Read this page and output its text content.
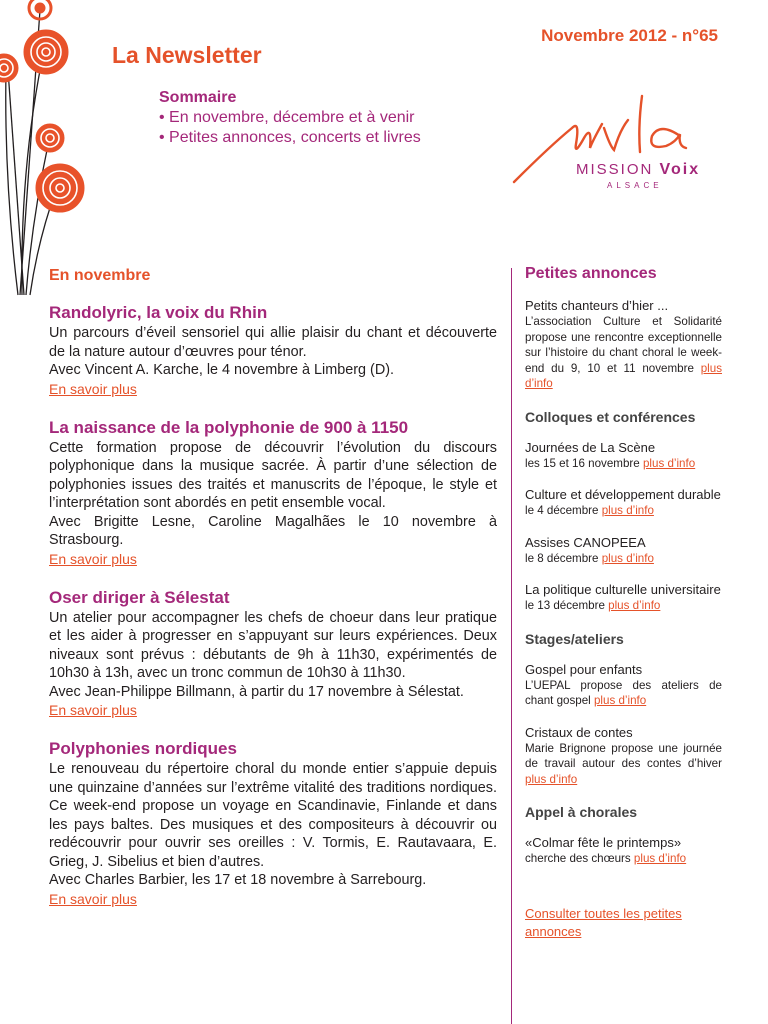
La Newsletter
Novembre 2012 - n°65
Sommaire
• En novembre, décembre et à venir
• Petites annonces, concerts et livres
MISSION Voix
ALSACE
En novembre
Randolyric, la voix du Rhin

Un parcours d’éveil sensoriel qui allie plaisir du chant et découverte de la nature autour d’œuvres pour ténor.

Avec Vincent A. Karche, le 4 novembre à Limberg (D).

En savoir plus
La naissance de la polyphonie de 900 à 1150

Cette formation propose de découvrir l’évolution du discours polyphonique dans la musique sacrée. À partir d’une sélection de polyphonies issues des traités et manuscrits de l’époque, le style et l’interprétation sont abordés en petit ensemble vocal.

Avec Brigitte Lesne, Caroline Magalhães le 10 novembre à Strasbourg.

En savoir plus
Oser diriger à Sélestat

Un atelier pour accompagner les chefs de choeur dans leur pratique et les aider à progresser en s’appuyant sur leurs expériences. Deux niveaux sont prévus : débutants de 9h à 11h30, expérimentés de 10h30 à 13h, avec un tronc commun de 10h30 à 11h30.

Avec Jean-Philippe Billmann, à partir du 17 novembre à Sélestat.

En savoir plus
Polyphonies nordiques

Le renouveau du répertoire choral du monde entier s’appuie depuis une quinzaine d’années sur l’extrême vitalité des traditions nordiques. Ce week-end propose un voyage en Scandinavie, Finlande et dans les pays baltes. Des musiques et des compositeurs à découvrir ou redécouvrir pour ouvrir ses oreilles : V. Tormis, E. Rautavaara, E. Grieg, J. Sibelius et bien d’autres.

Avec Charles Barbier, les 17 et 18 novembre à Sarrebourg.

En savoir plus
Petites annonces
Petits chanteurs d’hier ...
L’association Culture et Solidarité propose une rencontre exceptionnelle sur l’histoire du chant choral le week-end du 9, 10 et 11 novembre plus d’info
Colloques et conférences
Journées de La Scène
les 15 et 16 novembre plus d’info
Culture et développement durable
le 4 décembre plus d’info
Assises CANOPEEA
le 8 décembre plus d’info
La politique culturelle universitaire
le 13 décembre plus d’info
Stages/ateliers
Gospel pour enfants
L’UEPAL propose des ateliers de chant gospel plus d’info
Cristaux de contes
Marie Brignone propose une journée de travail autour des contes d’hiver plus d’info
Appel à chorales
«Colmar fête le printemps»
cherche des chœurs plus d’info
Consulter toutes les petites annonces
